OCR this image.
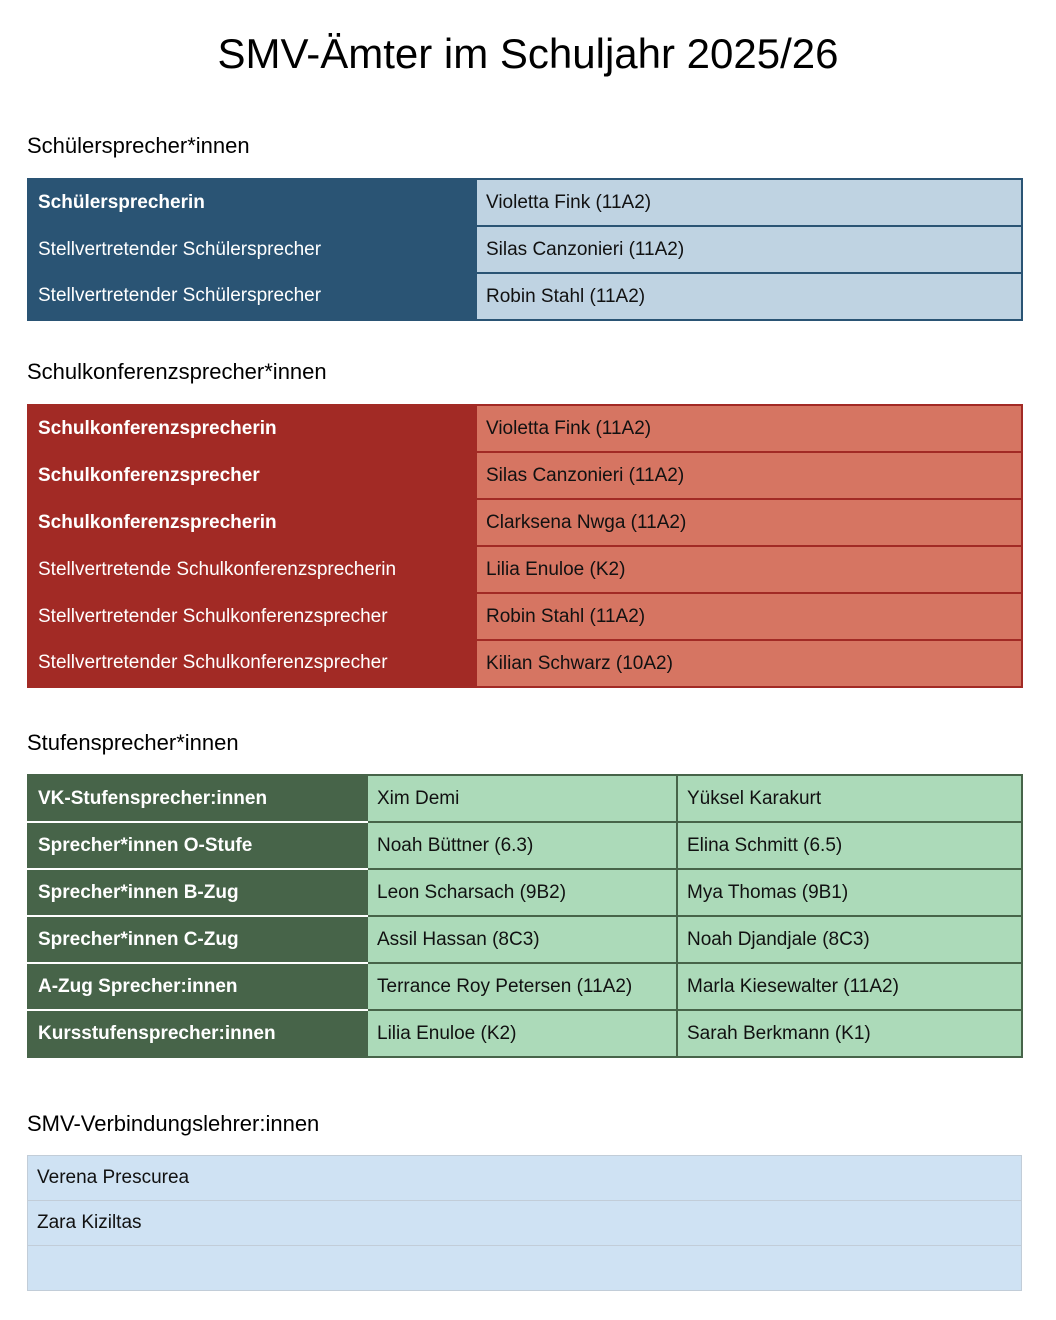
SMV-Ämter im Schuljahr 2025/26
Schülersprecher*innen
Schülersprecherin	Violetta Fink (11A2)
Stellvertretender Schülersprecher	Silas Canzonieri (11A2)
Stellvertretender Schülersprecher	Robin Stahl (11A2)
Schulkonferenzsprecher*innen
Schulkonferenzsprecherin	Violetta Fink (11A2)
Schulkonferenzsprecher	Silas Canzonieri (11A2)
Schulkonferenzsprecherin	Clarksena Nwga (11A2)
Stellvertretende Schulkonferenzsprecherin	Lilia Enuloe (K2)
Stellvertretender Schulkonferenzsprecher	Robin Stahl (11A2)
Stellvertretender Schulkonferenzsprecher	Kilian Schwarz (10A2)
Stufensprecher*innen
VK-Stufensprecher:innen	Xim Demi	Yüksel Karakurt
Sprecher*innen O-Stufe	Noah Büttner (6.3)	Elina Schmitt (6.5)
Sprecher*innen B-Zug	Leon Scharsach (9B2)	Mya Thomas (9B1)
Sprecher*innen C-Zug	Assil Hassan (8C3)	Noah Djandjale (8C3)
A-Zug Sprecher:innen	Terrance Roy Petersen (11A2)	Marla Kiesewalter (11A2)
Kursstufensprecher:innen	Lilia Enuloe (K2)	Sarah Berkmann (K1)
SMV-Verbindungslehrer:innen
Verena Prescurea
Zara Kiziltas
